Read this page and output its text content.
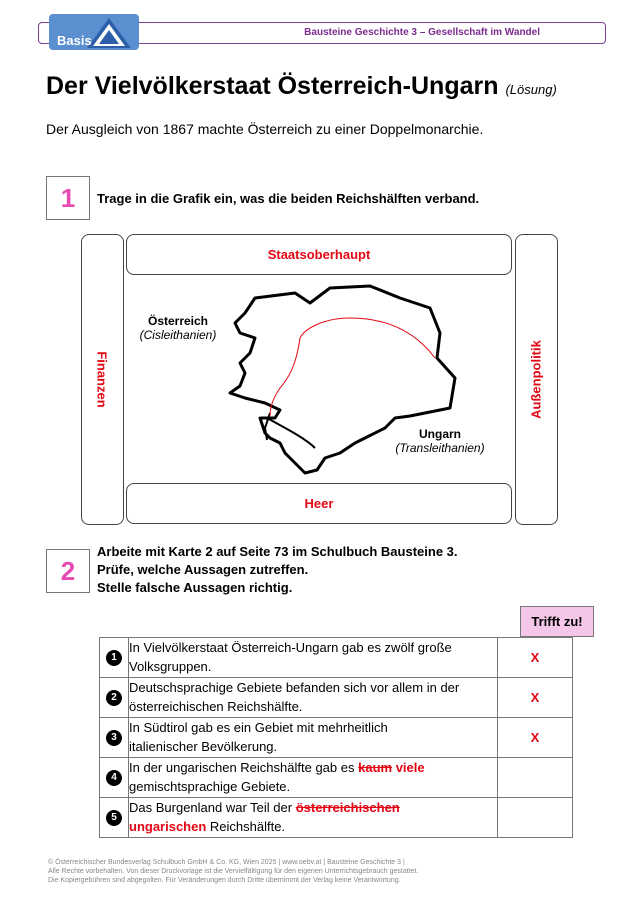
Bausteine Geschichte 3 – Gesellschaft im Wandel
Basis
Der Vielvölkerstaat Österreich-Ungarn (Lösung)
Der Ausgleich von 1867 machte Österreich zu einer Doppelmonarchie.
1	Trage in die Grafik ein, was die beiden Reichshälften verband.
Staatsoberhaupt
Heer
Finanzen	Außenpolitik
Österreich
(Cisleithanien)
Ungarn
(Transleithanien)
2
Arbeite mit Karte 2 auf Seite 73 im Schulbuch Bausteine 3.
Prüfe, welche Aussagen zutreffen.
Stelle falsche Aussagen richtig.
Trifft zu!
1	In Vielvölkerstaat Österreich-Ungarn gab es zwölf große
Volksgruppen.	X
2	Deutschsprachige Gebiete befanden sich vor allem in der
österreichischen Reichshälfte.	X
3	In Südtirol gab es ein Gebiet mit mehrheitlich
italienischer Bevölkerung.	X
4	In der ungarischen Reichshälfte gab es kaum viele
gemischtsprachige Gebiete.	

5	Das Burgenland war Teil der österreichischen
ungarischen Reichshälfte.	

© Österreichischer Bundesverlag Schulbuch GmbH & Co. KG, Wien 2025 | www.oebv.at | Bausteine Geschichte 3 |
Alle Rechte vorbehalten. Von dieser Druckvorlage ist die Vervielfältigung für den eigenen Unterrichtsgebrauch gestattet.
Die Kopiergebühren sind abgegolten. Für Veränderungen durch Dritte übernimmt der Verlag keine Verantwortung.
